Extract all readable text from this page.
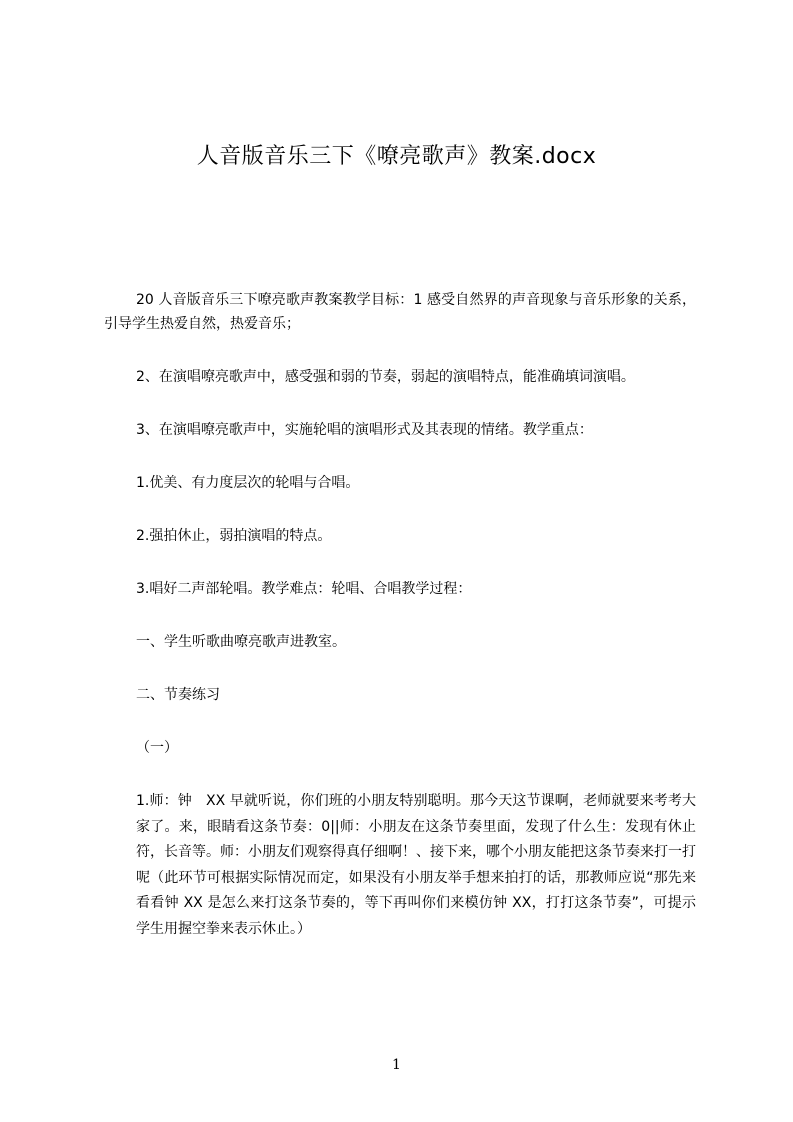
人音版音乐三下《嘹亮歌声》教案.docx

20 人音版音乐三下嘹亮歌声教案教学目标：1 感受自然界的声音现象与音乐形象的关系，引导学生热爱自然，热爱音乐；

2、在演唱嘹亮歌声中，感受强和弱的节奏，弱起的演唱特点，能准确填词演唱。

3、在演唱嘹亮歌声中，实施轮唱的演唱形式及其表现的情绪。教学重点：

1.优美、有力度层次的轮唱与合唱。

2.强拍休止，弱拍演唱的特点。

3.唱好二声部轮唱。教学难点：轮唱、合唱教学过程：

一、学生听歌曲嘹亮歌声进教室。

二、节奏练习

（一）

1.师：钟　XX 早就听说，你们班的小朋友特别聪明。那今天这节课啊，老师就要来考考大家了。来，眼睛看这条节奏：0||师：小朋友在这条节奏里面，发现了什么生：发现有休止符，长音等。师：小朋友们观察得真仔细啊！、接下来，哪个小朋友能把这条节奏来打一打呢（此环节可根据实际情况而定，如果没有小朋友举手想来拍打的话，那教师应说“那先来看看钟 XX 是怎么来打这条节奏的，等下再叫你们来模仿钟 XX，打打这条节奏”，可提示学生用握空拳来表示休止。）

1
